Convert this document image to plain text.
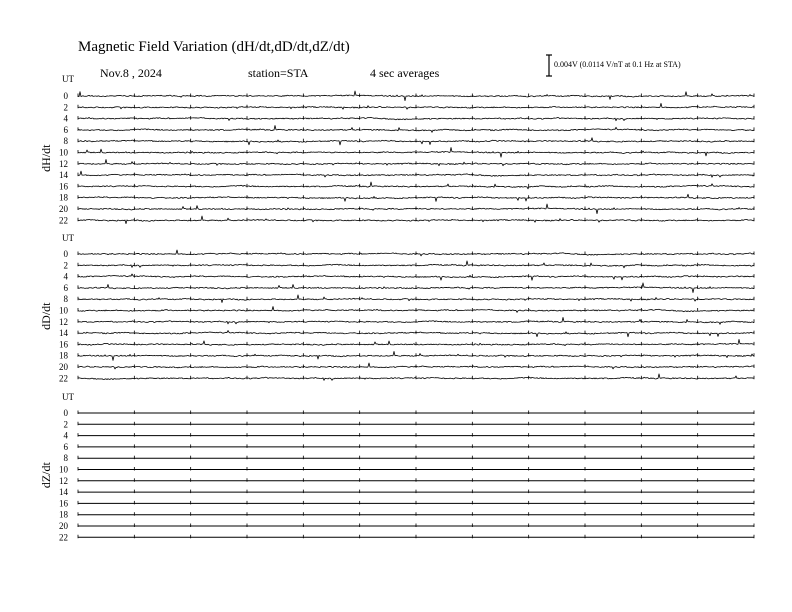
Magnetic Field Variation (dH/dt,dD/dt,dZ/dt)
Nov.8 , 2024	station=STA	4 sec averages
0.004V (0.0114 V/nT at 0.1 Hz at STA)
UT
dH/dt
0
2
4
6
8
10
12
14
16
18
20
22
UT
dD/dt
0
2
4
6
8
10
12
14
16
18
20
22
UT
dZ/dt
0
2
4
6
8
10
12
14
16
18
20
22
